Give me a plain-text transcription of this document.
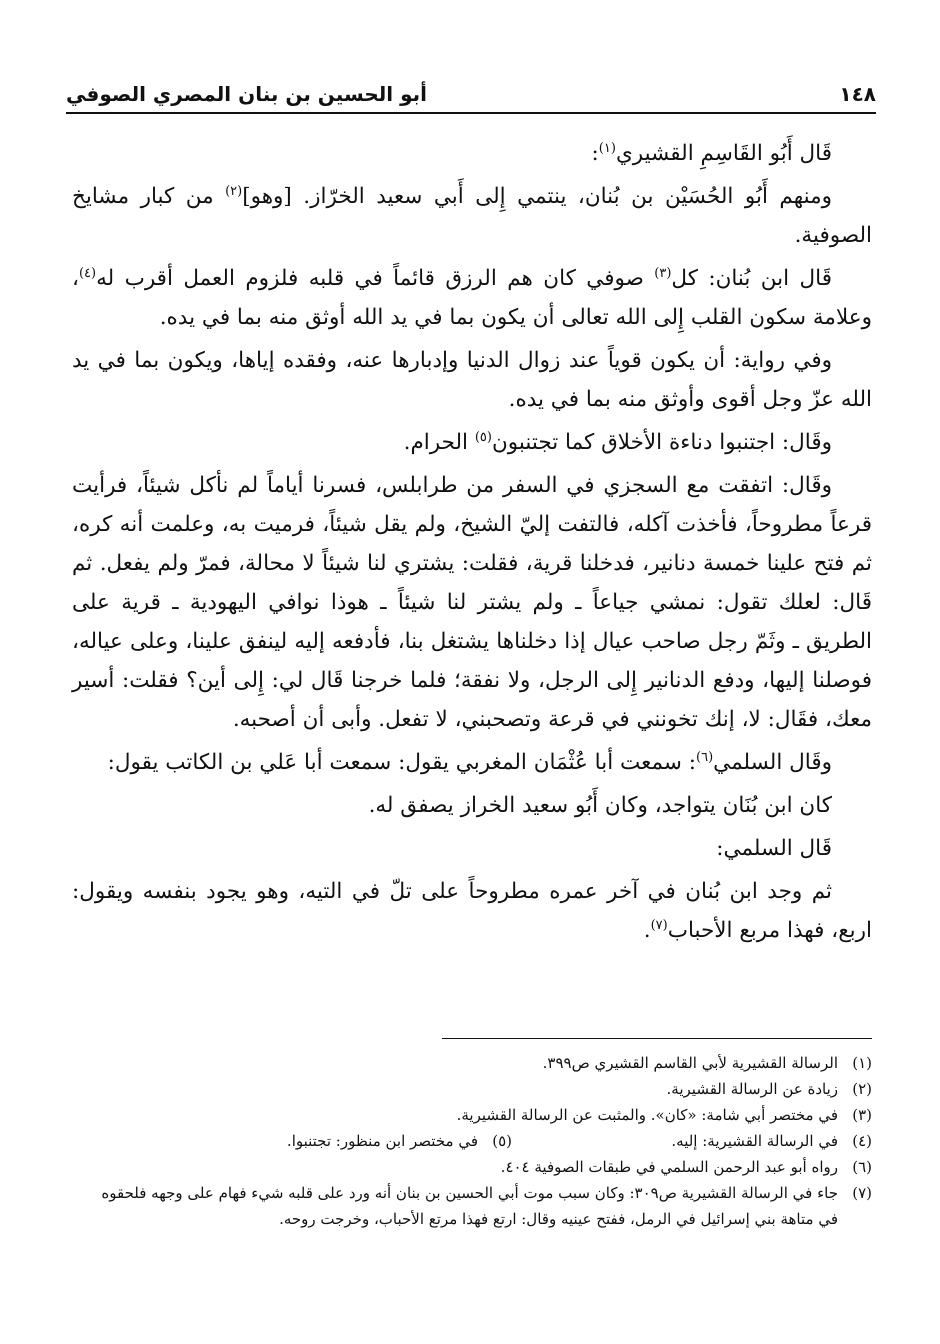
١٤٨
أبو الحسين بن بنان المصري الصوفي

قَال أَبُو القَاسِمِ القشيري$^{(١)}$:

ومنهم أَبُو الحُسَيْن بن بُنان، ينتمي إِلى أَبي سعيد الخرّاز. [وهو]$^{(٢)}$ من كبار مشايخ الصوفية.

قَال ابن بُنان: كل$^{(٣)}$ صوفي كان هم الرزق قائماً في قلبه فلزوم العمل أقرب له$^{(٤)}$، وعلامة سكون القلب إِلى الله تعالى أن يكون بما في يد الله أوثق منه بما في يده.

وفي رواية: أن يكون قوياً عند زوال الدنيا وإدبارها عنه، وفقده إياها، ويكون بما في يد الله عزّ وجل أقوى وأوثق منه بما في يده.

وقَال: اجتنبوا دناءة الأخلاق كما تجتنبون$^{(٥)}$ الحرام.

وقَال: اتفقت مع السجزي في السفر من طرابلس، فسرنا أياماً لم نأكل شيئاً، فرأيت قرعاً مطروحاً، فأخذت آكله، فالتفت إليّ الشيخ، ولم يقل شيئاً، فرميت به، وعلمت أنه كره، ثم فتح علينا خمسة دنانير، فدخلنا قرية، فقلت: يشتري لنا شيئاً لا محالة، فمرّ ولم يفعل. ثم قَال: لعلك تقول: نمشي جياعاً ـ ولم يشتر لنا شيئاً ـ هوذا نوافي اليهودية ـ قرية على الطريق ـ وثَمّ رجل صاحب عيال إذا دخلناها يشتغل بنا، فأدفعه إليه لينفق علينا، وعلى عياله، فوصلنا إليها، ودفع الدنانير إِلى الرجل، ولا نفقة؛ فلما خرجنا قَال لي: إِلى أين؟ فقلت: أسير معك، فقَال: لا، إنك تخونني في قرعة وتصحبني، لا تفعل. وأبى أن أصحبه.

وقَال السلمي$^{(٦)}$: سمعت أبا عُثْمَان المغربي يقول: سمعت أبا عَلي بن الكاتب يقول:

كان ابن بُنَان يتواجد، وكان أَبُو سعيد الخراز يصفق له.

قَال السلمي:

ثم وجد ابن بُنان في آخر عمره مطروحاً على تلّ في التيه، وهو يجود بنفسه ويقول: اربع، فهذا مربع الأحباب$^{(٧)}$.

(١)
الرسالة القشيرية لأبي القاسم القشيري ص٣٩٩.
(٢)
زيادة عن الرسالة القشيرية.
(٣)
في مختصر أبي شامة: «كان». والمثبت عن الرسالة القشيرية.
(٤)
في الرسالة القشيرية: إليه.
(٥)
في مختصر ابن منظور: تجتنبوا.
(٦)
رواه أبو عبد الرحمن السلمي في طبقات الصوفية ٤٠٤.
(٧)
جاء في الرسالة القشيرية ص٣٠٩: وكان سبب موت أبي الحسين بن بنان أنه ورد على قلبه شيء فهام على وجهه فلحقوه في متاهة بني إسرائيل في الرمل، ففتح عينيه وقال: ارتع فهذا مرتع الأحباب، وخرجت روحه.
